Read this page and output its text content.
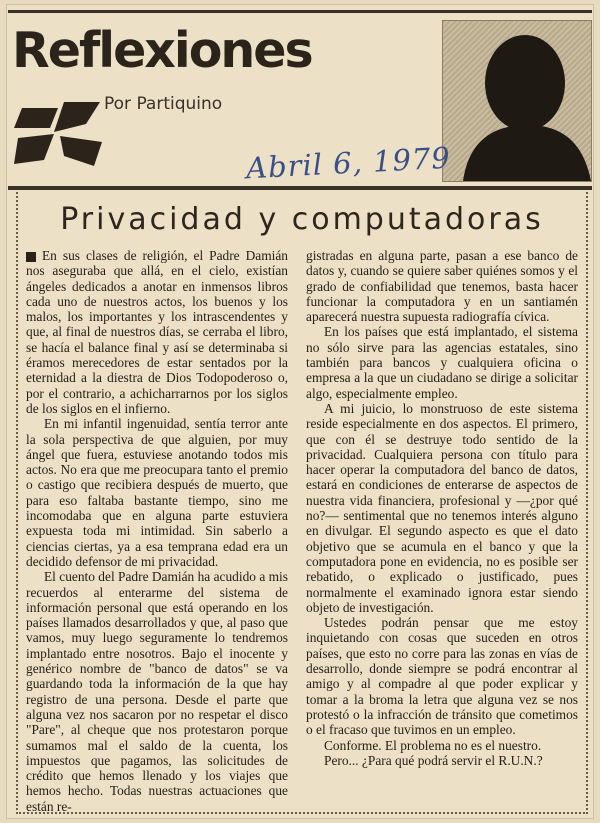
Reflexiones
Por Partiquino
Abril 6, 1979
Privacidad y computadoras

En sus clases de religión, el Padre Damián nos aseguraba que allá, en el cielo, existían ángeles dedicados a anotar en inmensos libros cada uno de nuestros actos, los buenos y los malos, los importantes y los intrascendentes y que, al final de nuestros días, se cerraba el libro, se hacía el balance final y así se determinaba si éramos merecedores de estar sentados por la eternidad a la diestra de Dios Todopoderoso o, por el contrario, a achicharrarnos por los siglos de los siglos en el infierno.

En mi infantil ingenuidad, sentía terror ante la sola perspectiva de que alguien, por muy ángel que fuera, estuviese anotando todos mis actos. No era que me preocupara tanto el premio o castigo que recibiera después de muerto, que para eso faltaba bastante tiempo, sino me incomodaba que en alguna parte estuviera expuesta toda mi intimidad. Sin saberlo a ciencias ciertas, ya a esa temprana edad era un decidido defensor de mi privacidad.

El cuento del Padre Damián ha acudido a mis recuerdos al enterarme del sistema de información personal que está operando en los países llamados desarrollados y que, al paso que vamos, muy luego seguramente lo tendremos implantado entre nosotros. Bajo el inocente y genérico nombre de "banco de datos" se va guardando toda la información de la que hay registro de una persona. Desde el parte que alguna vez nos sacaron por no respetar el disco "Pare", al cheque que nos protestaron porque sumamos mal el saldo de la cuenta, los impuestos que pagamos, las solicitudes de crédito que hemos llenado y los viajes que hemos hecho. Todas nuestras actuaciones que están re-

gistradas en alguna parte, pasan a ese banco de datos y, cuando se quiere saber quiénes somos y el grado de confiabilidad que tenemos, basta hacer funcionar la computadora y en un santiamén aparecerá nuestra supuesta radiografía cívica.

En los países que está implantado, el sistema no sólo sirve para las agencias estatales, sino también para bancos y cualquiera oficina o empresa a la que un ciudadano se dirige a solicitar algo, especialmente empleo.

A mi juicio, lo monstruoso de este sistema reside especialmente en dos aspectos. El primero, que con él se destruye todo sentido de la privacidad. Cualquiera persona con título para hacer operar la computadora del banco de datos, estará en condiciones de enterarse de aspectos de nuestra vida financiera, profesional y —¿por qué no?— sentimental que no tenemos interés alguno en divulgar. El segundo aspecto es que el dato objetivo que se acumula en el banco y que la computadora pone en evidencia, no es posible ser rebatido, o explicado o justificado, pues normalmente el examinado ignora estar siendo objeto de investigación.

Ustedes podrán pensar que me estoy inquietando con cosas que suceden en otros países, que esto no corre para las zonas en vías de desarrollo, donde siempre se podrá encontrar al amigo y al compadre al que poder explicar y tomar a la broma la letra que alguna vez se nos protestó o la infracción de tránsito que cometimos o el fracaso que tuvimos en un empleo.

Conforme. El problema no es el nuestro.

Pero... ¿Para qué podrá servir el R.U.N.?
